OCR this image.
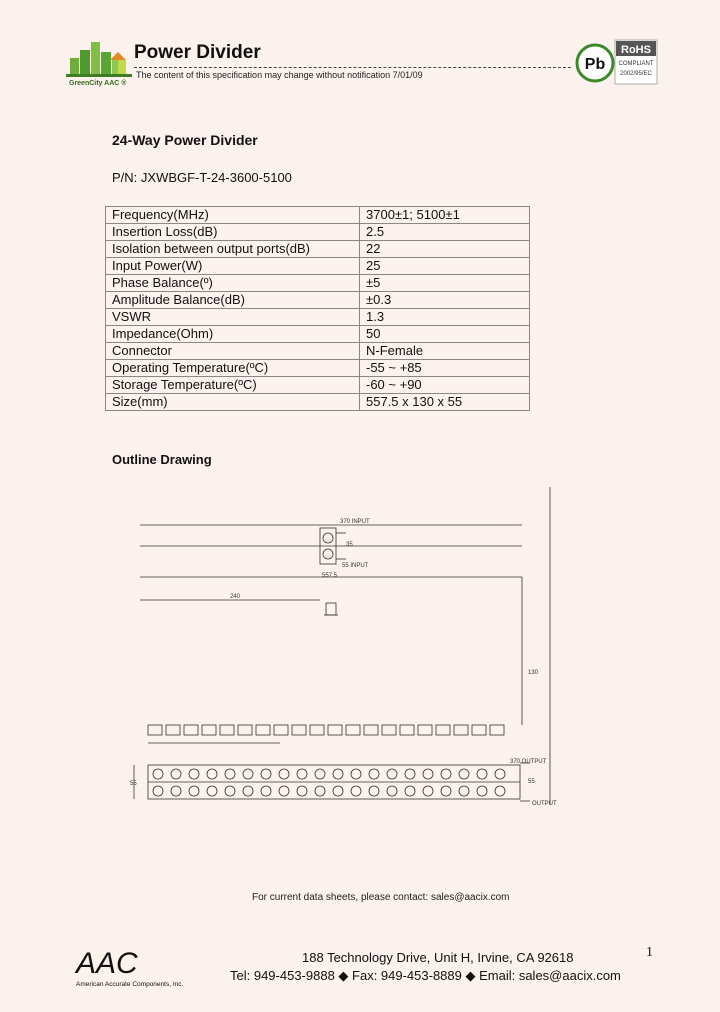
GreenCity AAC ®
Power Divider
The content of this specification may change without notification 7/01/09
Pb
RoHS
COMPLIANT
2002/95/EC
24-Way Power Divider
P/N: JXWBGF-T-24-3600-5100
Frequency(MHz)	3700±1; 5100±1
Insertion Loss(dB)	2.5
Isolation between output ports(dB)	22
Input Power(W)	25
Phase Balance(º)	±5
Amplitude Balance(dB)	±0.3
VSWR	1.3
Impedance(Ohm)	50
Connector	N-Female
Operating Temperature(ºC)	-55 ~ +85
Storage Temperature(ºC)	-60 ~ +90
Size(mm)	557.5 x 130 x 55
Outline Drawing
370 INPUT
35
55 INPUT
557.5
240
130
370 OUTPUT
55
55
OUTPUT
For current data sheets, please contact: sales@aacix.com
AAC
American Accurate Components, Inc.
188 Technology Drive, Unit H, Irvine, CA 92618
Tel: 949-453-9888 ◆ Fax: 949-453-8889 ◆ Email: sales@aacix.com
1
